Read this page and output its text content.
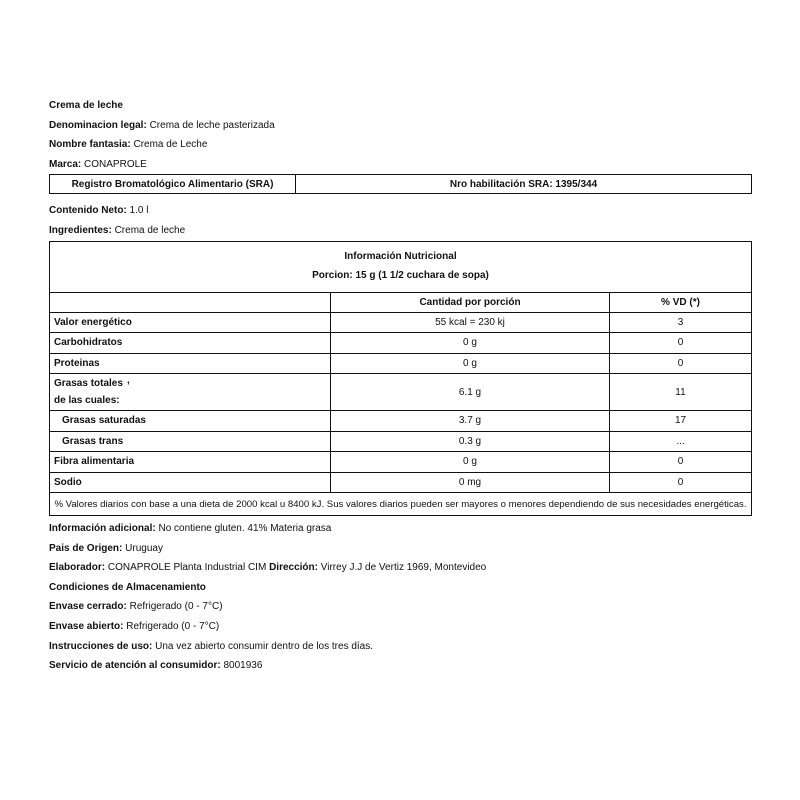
Crema de leche
Denominacion legal: Crema de leche pasterizada
Nombre fantasia: Crema de Leche
Marca: CONAPROLE
Registro Bromatológico Alimentario (SRA)	Nro habilitación SRA: 1395/344
Contenido Neto: 1.0 l
Ingredientes: Crema de leche
Información Nutricional
Porcion: 15 g (1 1/2 cuchara de sopa)		

	Cantidad por porción	% VD (*)
Valor energético	55 kcal = 230 kj	3
Carbohidratos	0 g	0
Proteinas	0 g	0
Grasas totales ,
de las cuales:	6.1 g	11
Grasas saturadas	3.7 g	17
Grasas trans	0.3 g	...
Fibra alimentaria	0 g	0
Sodio	0 mg	0
% Valores diarios con base a una dieta de 2000 kcal u 8400 kJ. Sus valores diarios pueden ser mayores o menores dependiendo de sus necesidades energéticas.		
Información adicional: No contiene gluten. 41% Materia grasa
Pais de Origen: Uruguay
Elaborador: CONAPROLE Planta Industrial CIM Dirección: Virrey J.J de Vertiz 1969, Montevideo
Condiciones de Almacenamiento
Envase cerrado: Refrigerado (0 - 7°C)
Envase abierto: Refrigerado (0 - 7°C)
Instrucciones de uso: Una vez abierto consumir dentro de los tres días.
Servicio de atención al consumidor: 8001936
